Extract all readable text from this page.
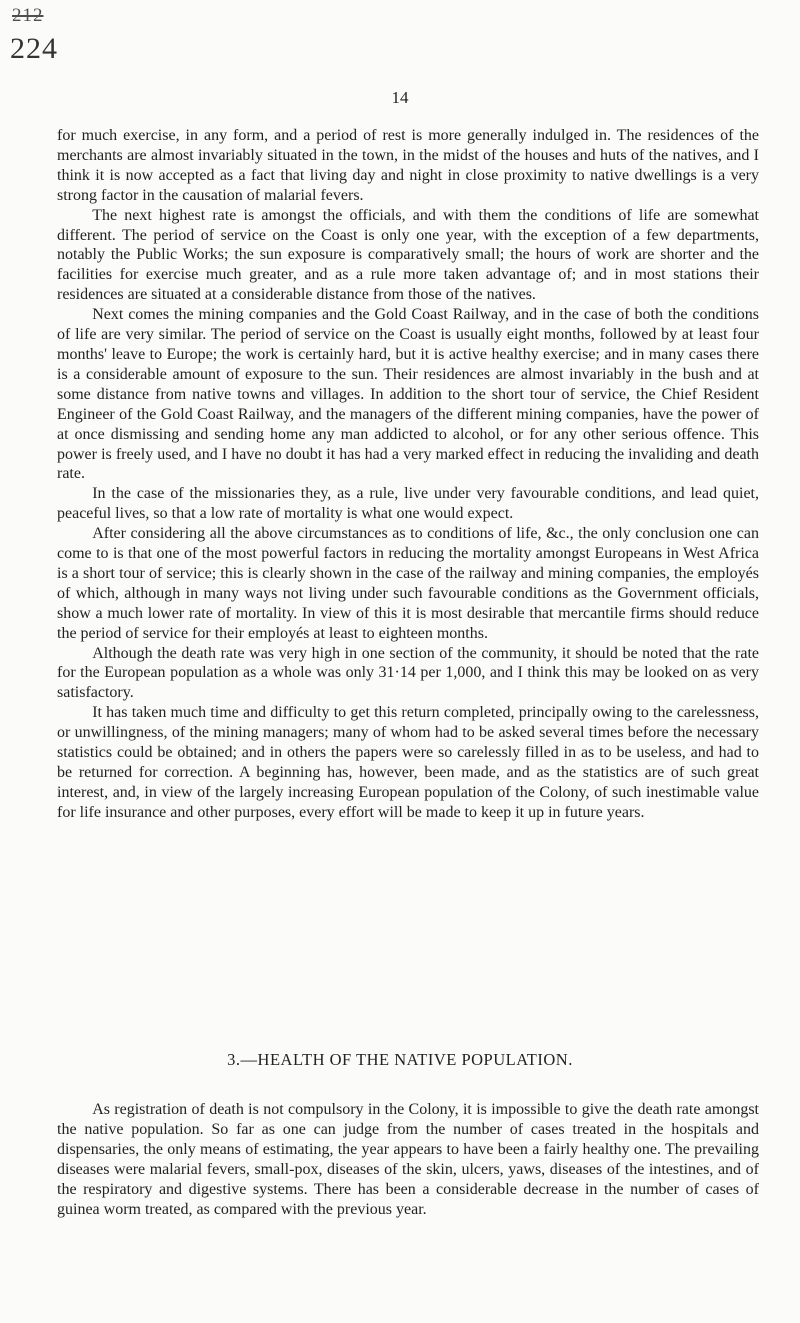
212
224
14

for much exercise, in any form, and a period of rest is more generally indulged in. The residences of the merchants are almost invariably situated in the town, in the midst of the houses and huts of the natives, and I think it is now accepted as a fact that living day and night in close proximity to native dwellings is a very strong factor in the causation of malarial fevers.

The next highest rate is amongst the officials, and with them the conditions of life are somewhat different. The period of service on the Coast is only one year, with the exception of a few departments, notably the Public Works; the sun exposure is comparatively small; the hours of work are shorter and the facilities for exercise much greater, and as a rule more taken advantage of; and in most stations their residences are situated at a considerable distance from those of the natives.

Next comes the mining companies and the Gold Coast Railway, and in the case of both the conditions of life are very similar. The period of service on the Coast is usually eight months, followed by at least four months' leave to Europe; the work is certainly hard, but it is active healthy exercise; and in many cases there is a considerable amount of exposure to the sun. Their residences are almost invariably in the bush and at some distance from native towns and villages. In addition to the short tour of service, the Chief Resident Engineer of the Gold Coast Railway, and the managers of the different mining companies, have the power of at once dismissing and sending home any man addicted to alcohol, or for any other serious offence. This power is freely used, and I have no doubt it has had a very marked effect in reducing the invaliding and death rate.

In the case of the missionaries they, as a rule, live under very favourable conditions, and lead quiet, peaceful lives, so that a low rate of mortality is what one would expect.

After considering all the above circumstances as to conditions of life, &c., the only conclusion one can come to is that one of the most powerful factors in reducing the mortality amongst Europeans in West Africa is a short tour of service; this is clearly shown in the case of the railway and mining companies, the employés of which, although in many ways not living under such favourable conditions as the Government officials, show a much lower rate of mortality. In view of this it is most desirable that mercantile firms should reduce the period of service for their employés at least to eighteen months.

Although the death rate was very high in one section of the community, it should be noted that the rate for the European population as a whole was only 31·14 per 1,000, and I think this may be looked on as very satisfactory.

It has taken much time and difficulty to get this return completed, principally owing to the carelessness, or unwillingness, of the mining managers; many of whom had to be asked several times before the necessary statistics could be obtained; and in others the papers were so carelessly filled in as to be useless, and had to be returned for correction. A beginning has, however, been made, and as the statistics are of such great interest, and, in view of the largely increasing European population of the Colony, of such inestimable value for life insurance and other purposes, every effort will be made to keep it up in future years.

3.—HEALTH OF THE NATIVE POPULATION.

As registration of death is not compulsory in the Colony, it is impossible to give the death rate amongst the native population. So far as one can judge from the number of cases treated in the hospitals and dispensaries, the only means of estimating, the year appears to have been a fairly healthy one. The prevailing diseases were malarial fevers, small-pox, diseases of the skin, ulcers, yaws, diseases of the intestines, and of the respiratory and digestive systems. There has been a considerable decrease in the number of cases of guinea worm treated, as compared with the previous year.
